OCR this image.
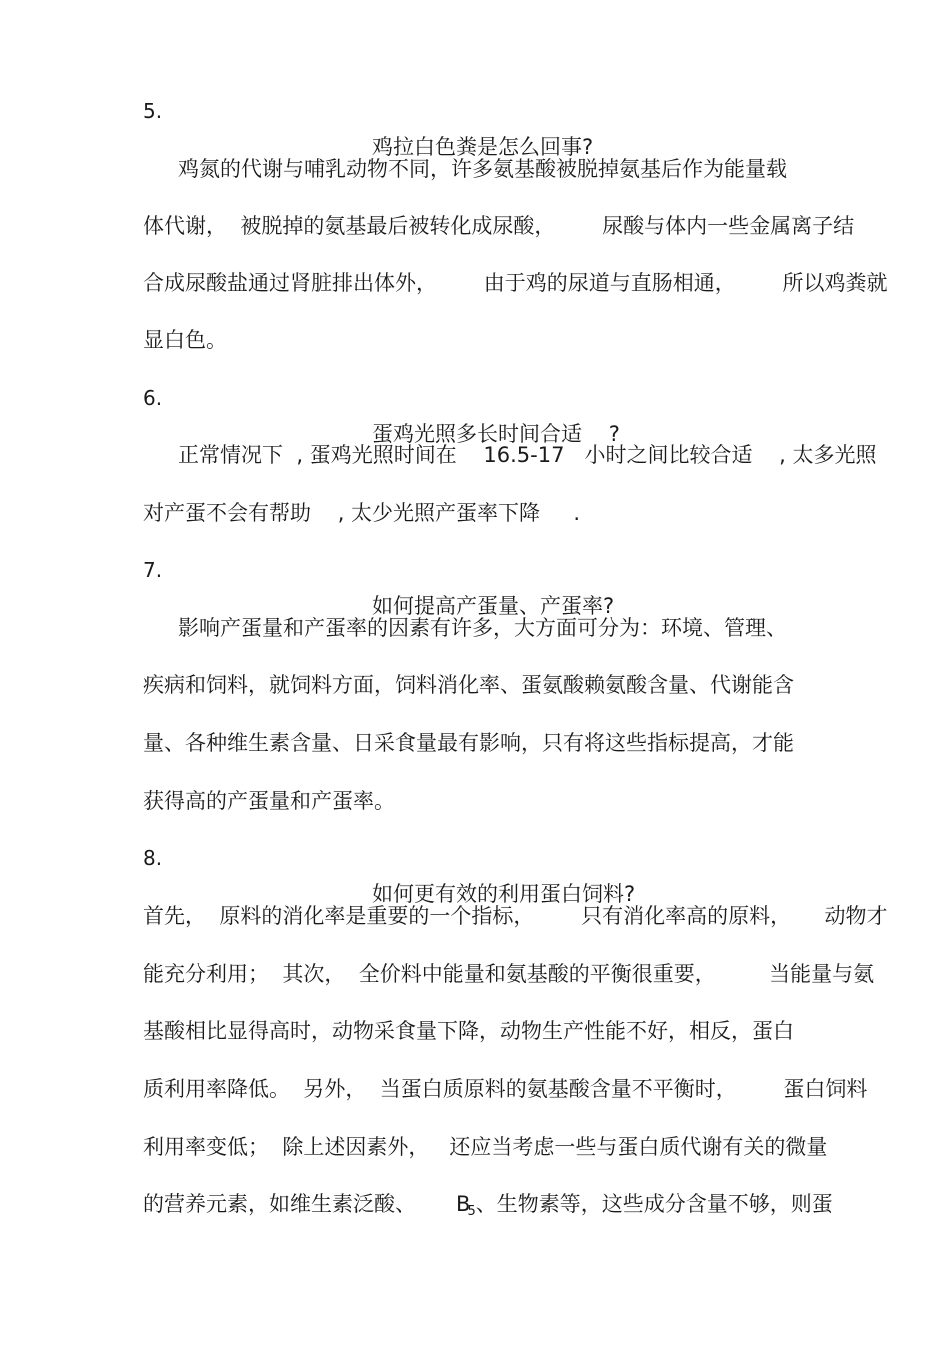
5.

鸡拉白色粪是怎么回事?

鸡氮的代谢与哺乳动物不同，许多氨基酸被脱掉氨基后作为能量载

体代谢，  被脱掉的氨基最后被转化成尿酸，       尿酸与体内一些金属离子结

合成尿酸盐通过肾脏排出体外，       由于鸡的尿道与直肠相通，       所以鸡粪就

显白色。

6.

蛋鸡光照多长时间合适    ?

正常情况下  , 蛋鸡光照时间在    16.5-17   小时之间比较合适    , 太多光照

对产蛋不会有帮助    , 太少光照产蛋率下降     .

7.

如何提高产蛋量、产蛋率?

影响产蛋量和产蛋率的因素有许多，大方面可分为：环境、管理、

疾病和饲料，就饲料方面，饲料消化率、蛋氨酸赖氨酸含量、代谢能含

量、各种维生素含量、日采食量最有影响，只有将这些指标提高，才能

获得高的产蛋量和产蛋率。

8.

如何更有效的利用蛋白饲料?

首先，  原料的消化率是重要的一个指标，       只有消化率高的原料，     动物才

能充分利用；  其次，  全价料中能量和氨基酸的平衡很重要，        当能量与氨

基酸相比显得高时，动物采食量下降，动物生产性能不好，相反，蛋白

质利用率降低。  另外，  当蛋白质原料的氨基酸含量不平衡时，       蛋白饲料

利用率变低；  除上述因素外，   还应当考虑一些与蛋白质代谢有关的微量

的营养元素，如维生素泛酸、      $B_5$、生物素等，这些成分含量不够，则蛋
